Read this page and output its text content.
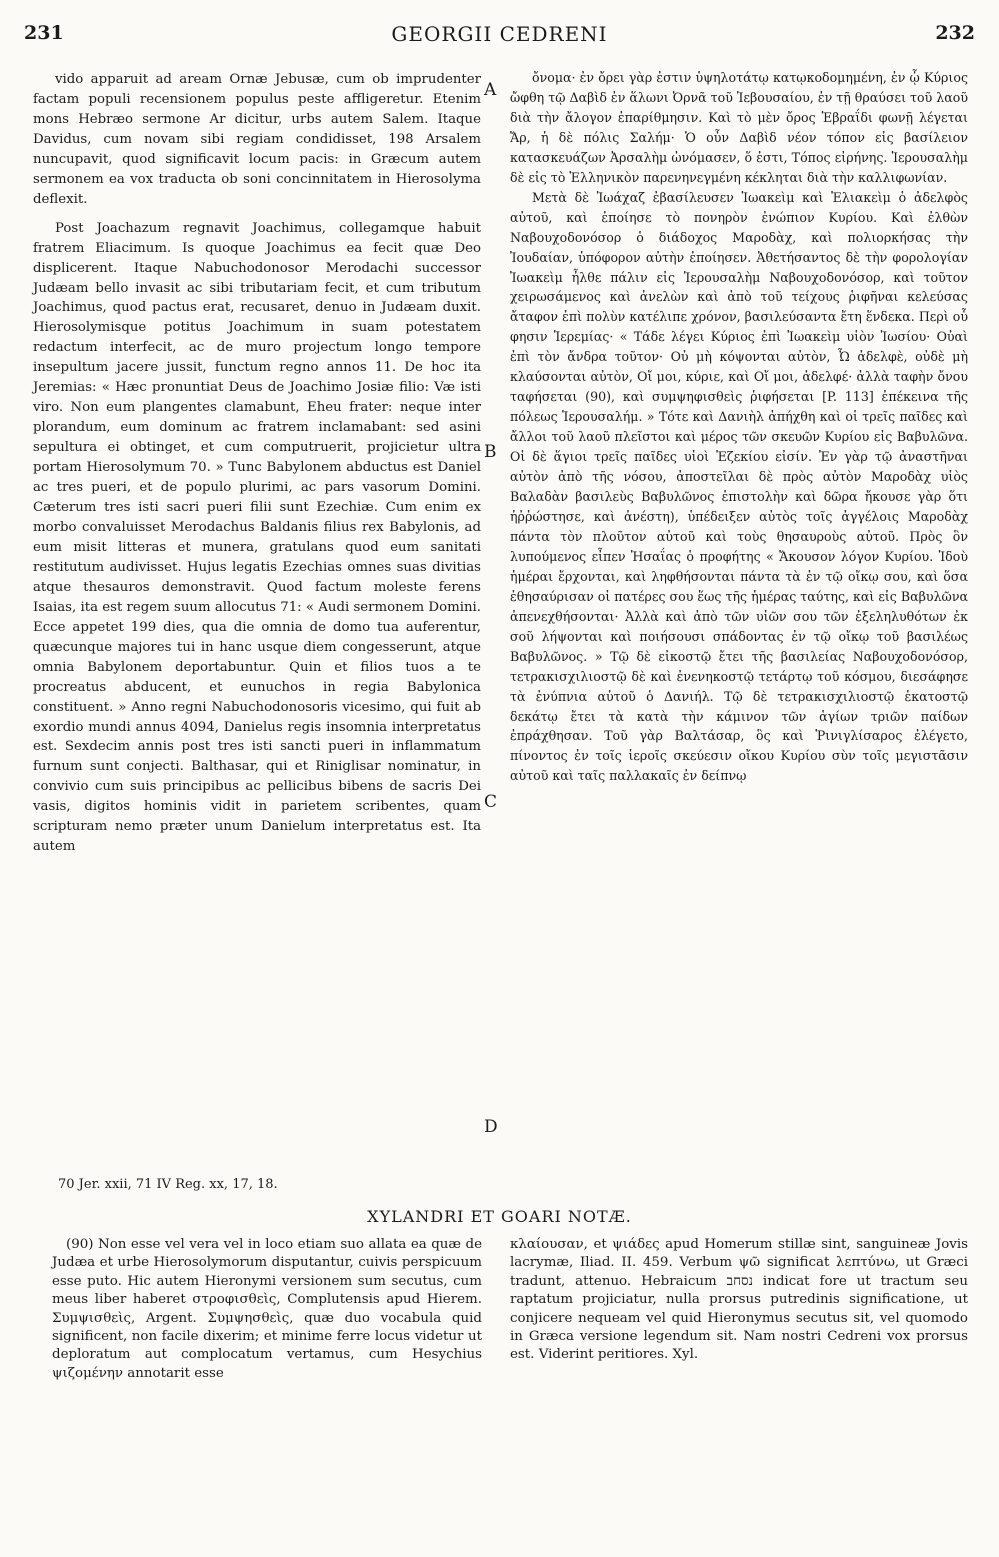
231	GEORGII CEDRENI	232

vido apparuit ad aream Ornæ Jebusæ, cum ob imprudenter factam populi recensionem populus peste affligeretur. Etenim mons Hebræo sermone Ar dicitur, urbs autem Salem. Itaque Davidus, cum novam sibi regiam condidisset, 198 Arsalem nuncupavit, quod significavit locum pacis: in Græcum autem sermonem ea vox traducta ob soni concinnitatem in Hierosolyma deflexit.

Post Joachazum regnavit Joachimus, collegamque habuit fratrem Eliacimum. Is quoque Joachimus ea fecit quæ Deo displicerent. Itaque Nabuchodonosor Merodachi successor Judæam bello invasit ac sibi tributariam fecit, et cum tributum Joachimus, quod pactus erat, recusaret, denuo in Judæam duxit. Hierosolymisque potitus Joachimum in suam potestatem redactum interfecit, ac de muro projectum longo tempore insepultum jacere jussit, functum regno annos 11. De hoc ita Jeremias: « Hæc pronuntiat Deus de Joachimo Josiæ filio: Væ isti viro. Non eum plangentes clamabunt, Eheu frater: neque inter plorandum, eum dominum ac fratrem inclamabant: sed asini sepultura ei obtinget, et cum computruerit, projicietur ultra portam Hierosolymum 70. » Tunc Babylonem abductus est Daniel ac tres pueri, et de populo plurimi, ac pars vasorum Domini. Cæterum tres isti sacri pueri filii sunt Ezechiæ. Cum enim ex morbo convaluisset Merodachus Baldanis filius rex Babylonis, ad eum misit litteras et munera, gratulans quod eum sanitati restitutum audivisset. Hujus legatis Ezechias omnes suas divitias atque thesauros demonstravit. Quod factum moleste ferens Isaias, ita est regem suum allocutus 71: « Audi sermonem Domini. Ecce appetet 199 dies, qua die omnia de domo tua auferentur, quæcunque majores tui in hanc usque diem congesserunt, atque omnia Babylonem deportabuntur. Quin et filios tuos a te procreatus abducent, et eunuchos in regia Babylonica constituent. » Anno regni Nabuchodonosoris vicesimo, qui fuit ab exordio mundi annus 4094, Danielus regis insomnia interpretatus est. Sexdecim annis post tres isti sancti pueri in inflammatum furnum sunt conjecti. Balthasar, qui et Riniglisar nominatur, in convivio cum suis principibus ac pellicibus bibens de sacris Dei vasis, digitos hominis vidit in parietem scribentes, quam scripturam nemo præter unum Danielum interpretatus est. Ita autem

A
B
C
D

ὄνομα· ἐν ὄρει γὰρ ἐστιν ὑψηλοτάτῳ κατῳκοδομημένη, ἐν ᾧ Κύριος ὤφθη τῷ Δαβὶδ ἐν ἅλωνι Ὀρνᾶ τοῦ Ἰεβουσαίου, ἐν τῇ θραύσει τοῦ λαοῦ διὰ τὴν ἄλογον ἐπαρίθμησιν. Καὶ τὸ μὲν ὄρος Ἑβραΐδι φωνῇ λέγεται Ἄρ, ἡ δὲ πόλις Σαλήμ· Ὁ οὖν Δαβὶδ νέον τόπον εἰς βασίλειον κατασκευάζων Ἀρσαλὴμ ὠνόμασεν, ὅ ἐστι, Τόπος εἰρήνης. Ἱερουσαλὴμ δὲ εἰς τὸ Ἑλληνικὸν παρενηνεγμένη κέκληται διὰ τὴν καλλιφωνίαν.

Μετὰ δὲ Ἰωάχαζ ἐβασίλευσεν Ἰωακεὶμ καὶ Ἐλιακεὶμ ὁ ἀδελφὸς αὐτοῦ, καὶ ἐποίησε τὸ πονηρὸν ἐνώπιον Κυρίου. Καὶ ἐλθὼν Ναβουχοδονόσορ ὁ διάδοχος Μαροδὰχ, καὶ πολιορκήσας τὴν Ἰουδαίαν, ὑπόφορον αὐτὴν ἐποίησεν. Ἀθετήσαντος δὲ τὴν φορολογίαν Ἰωακεὶμ ἦλθε πάλιν εἰς Ἱερουσαλὴμ Ναβουχοδονόσορ, καὶ τοῦτον χειρωσάμενος καὶ ἀνελὼν καὶ ἀπὸ τοῦ τείχους ῥιφῆναι κελεύσας ἄταφον ἐπὶ πολὺν κατέλιπε χρόνον, βασιλεύσαντα ἔτη ἕνδεκα. Περὶ οὗ φησιν Ἱερεμίας· « Τάδε λέγει Κύριος ἐπὶ Ἰωακεὶμ υἱὸν Ἰωσίου· Οὐαὶ ἐπὶ τὸν ἄνδρα τοῦτον· Οὐ μὴ κόψονται αὐτὸν, Ὦ ἀδελφὲ, οὐδὲ μὴ κλαύσονται αὐτὸν, Οἴ μοι, κύριε, καὶ Οἴ μοι, ἀδελφέ· ἀλλὰ ταφὴν ὄνου ταφήσεται (90), καὶ συμψηφισθεὶς ῥιφήσεται [P. 113] ἐπέκεινα τῆς πόλεως Ἱερουσαλήμ. » Τότε καὶ Δανιὴλ ἀπήχθη καὶ οἱ τρεῖς παῖδες καὶ ἄλλοι τοῦ λαοῦ πλεῖστοι καὶ μέρος τῶν σκευῶν Κυρίου εἰς Βαβυλῶνα. Οἱ δὲ ἅγιοι τρεῖς παῖδες υἱοὶ Ἐζεκίου εἰσίν. Ἐν γὰρ τῷ ἀναστῆναι αὐτὸν ἀπὸ τῆς νόσου, ἀποστεῖλαι δὲ πρὸς αὐτὸν Μαροδὰχ υἱὸς Βαλαδὰν βασιλεὺς Βαβυλῶνος ἐπιστολὴν καὶ δῶρα ἤκουσε γὰρ ὅτι ἠῤῥώστησε, καὶ ἀνέστη), ὑπέδειξεν αὐτὸς τοῖς ἀγγέλοις Μαροδὰχ πάντα τὸν πλοῦτον αὐτοῦ καὶ τοὺς θησαυροὺς αὐτοῦ. Πρὸς ὃν λυπούμενος εἶπεν Ἡσαΐας ὁ προφήτης « Ἄκουσον λόγον Κυρίου. Ἰδοὺ ἡμέραι ἔρχονται, καὶ ληφθήσονται πάντα τὰ ἐν τῷ οἴκῳ σου, καὶ ὅσα ἐθησαύρισαν οἱ πατέρες σου ἕως τῆς ἡμέρας ταύτης, καὶ εἰς Βαβυλῶνα ἀπενεχθήσονται· Ἀλλὰ καὶ ἀπὸ τῶν υἱῶν σου τῶν ἐξεληλυθότων ἐκ σοῦ λήψονται καὶ ποιήσουσι σπάδοντας ἐν τῷ οἴκῳ τοῦ βασιλέως Βαβυλῶνος. » Τῷ δὲ εἰκοστῷ ἔτει τῆς βασιλείας Ναβουχοδονόσορ, τετρακισχιλιοστῷ δὲ καὶ ἐνενηκοστῷ τετάρτῳ τοῦ κόσμου, διεσάφησε τὰ ἐνύπνια αὐτοῦ ὁ Δανιήλ. Τῷ δὲ τετρακισχιλιοστῷ ἑκατοστῷ δεκάτῳ ἔτει τὰ κατὰ τὴν κάμινον τῶν ἁγίων τριῶν παίδων ἐπράχθησαν. Τοῦ γὰρ Βαλτάσαρ, ὃς καὶ Ῥινιγλίσαρος ἐλέγετο, πίνοντος ἐν τοῖς ἱεροῖς σκεύεσιν οἴκου Κυρίου σὺν τοῖς μεγιστᾶσιν αὐτοῦ καὶ ταῖς παλλακαῖς ἐν δείπνῳ

70 Jer. xxii, 71 IV Reg. xx, 17, 18.
XYLANDRI ET GOARI NOTÆ.

(90) Non esse vel vera vel in loco etiam suo allata ea quæ de Judæa et urbe Hierosolymorum disputantur, cuivis perspicuum esse puto. Hic autem Hieronymi versionem sum secutus, cum meus liber haberet στροφισθεὶς, Complutensis apud Hierem. Συμψισθεὶς, Argent. Συμψησθεὶς, quæ duo vocabula quid significent, non facile dixerim; et minime ferre locus videtur ut deploratum aut complocatum vertamus, cum Hesychius ψιζομένην annotarit esse

κλαίουσαν, et ψιάδες apud Homerum stillæ sint, sanguineæ Jovis lacrymæ, Iliad. II. 459. Verbum ψῶ significat λεπτύνω, ut Græci tradunt, attenuo. Hebraicum נסחב indicat fore ut tractum seu raptatum projiciatur, nulla prorsus putredinis significatione, ut conjicere nequeam vel quid Hieronymus secutus sit, vel quomodo in Græca versione legendum sit. Nam nostri Cedreni vox prorsus est. Viderint peritiores. Xyl.
